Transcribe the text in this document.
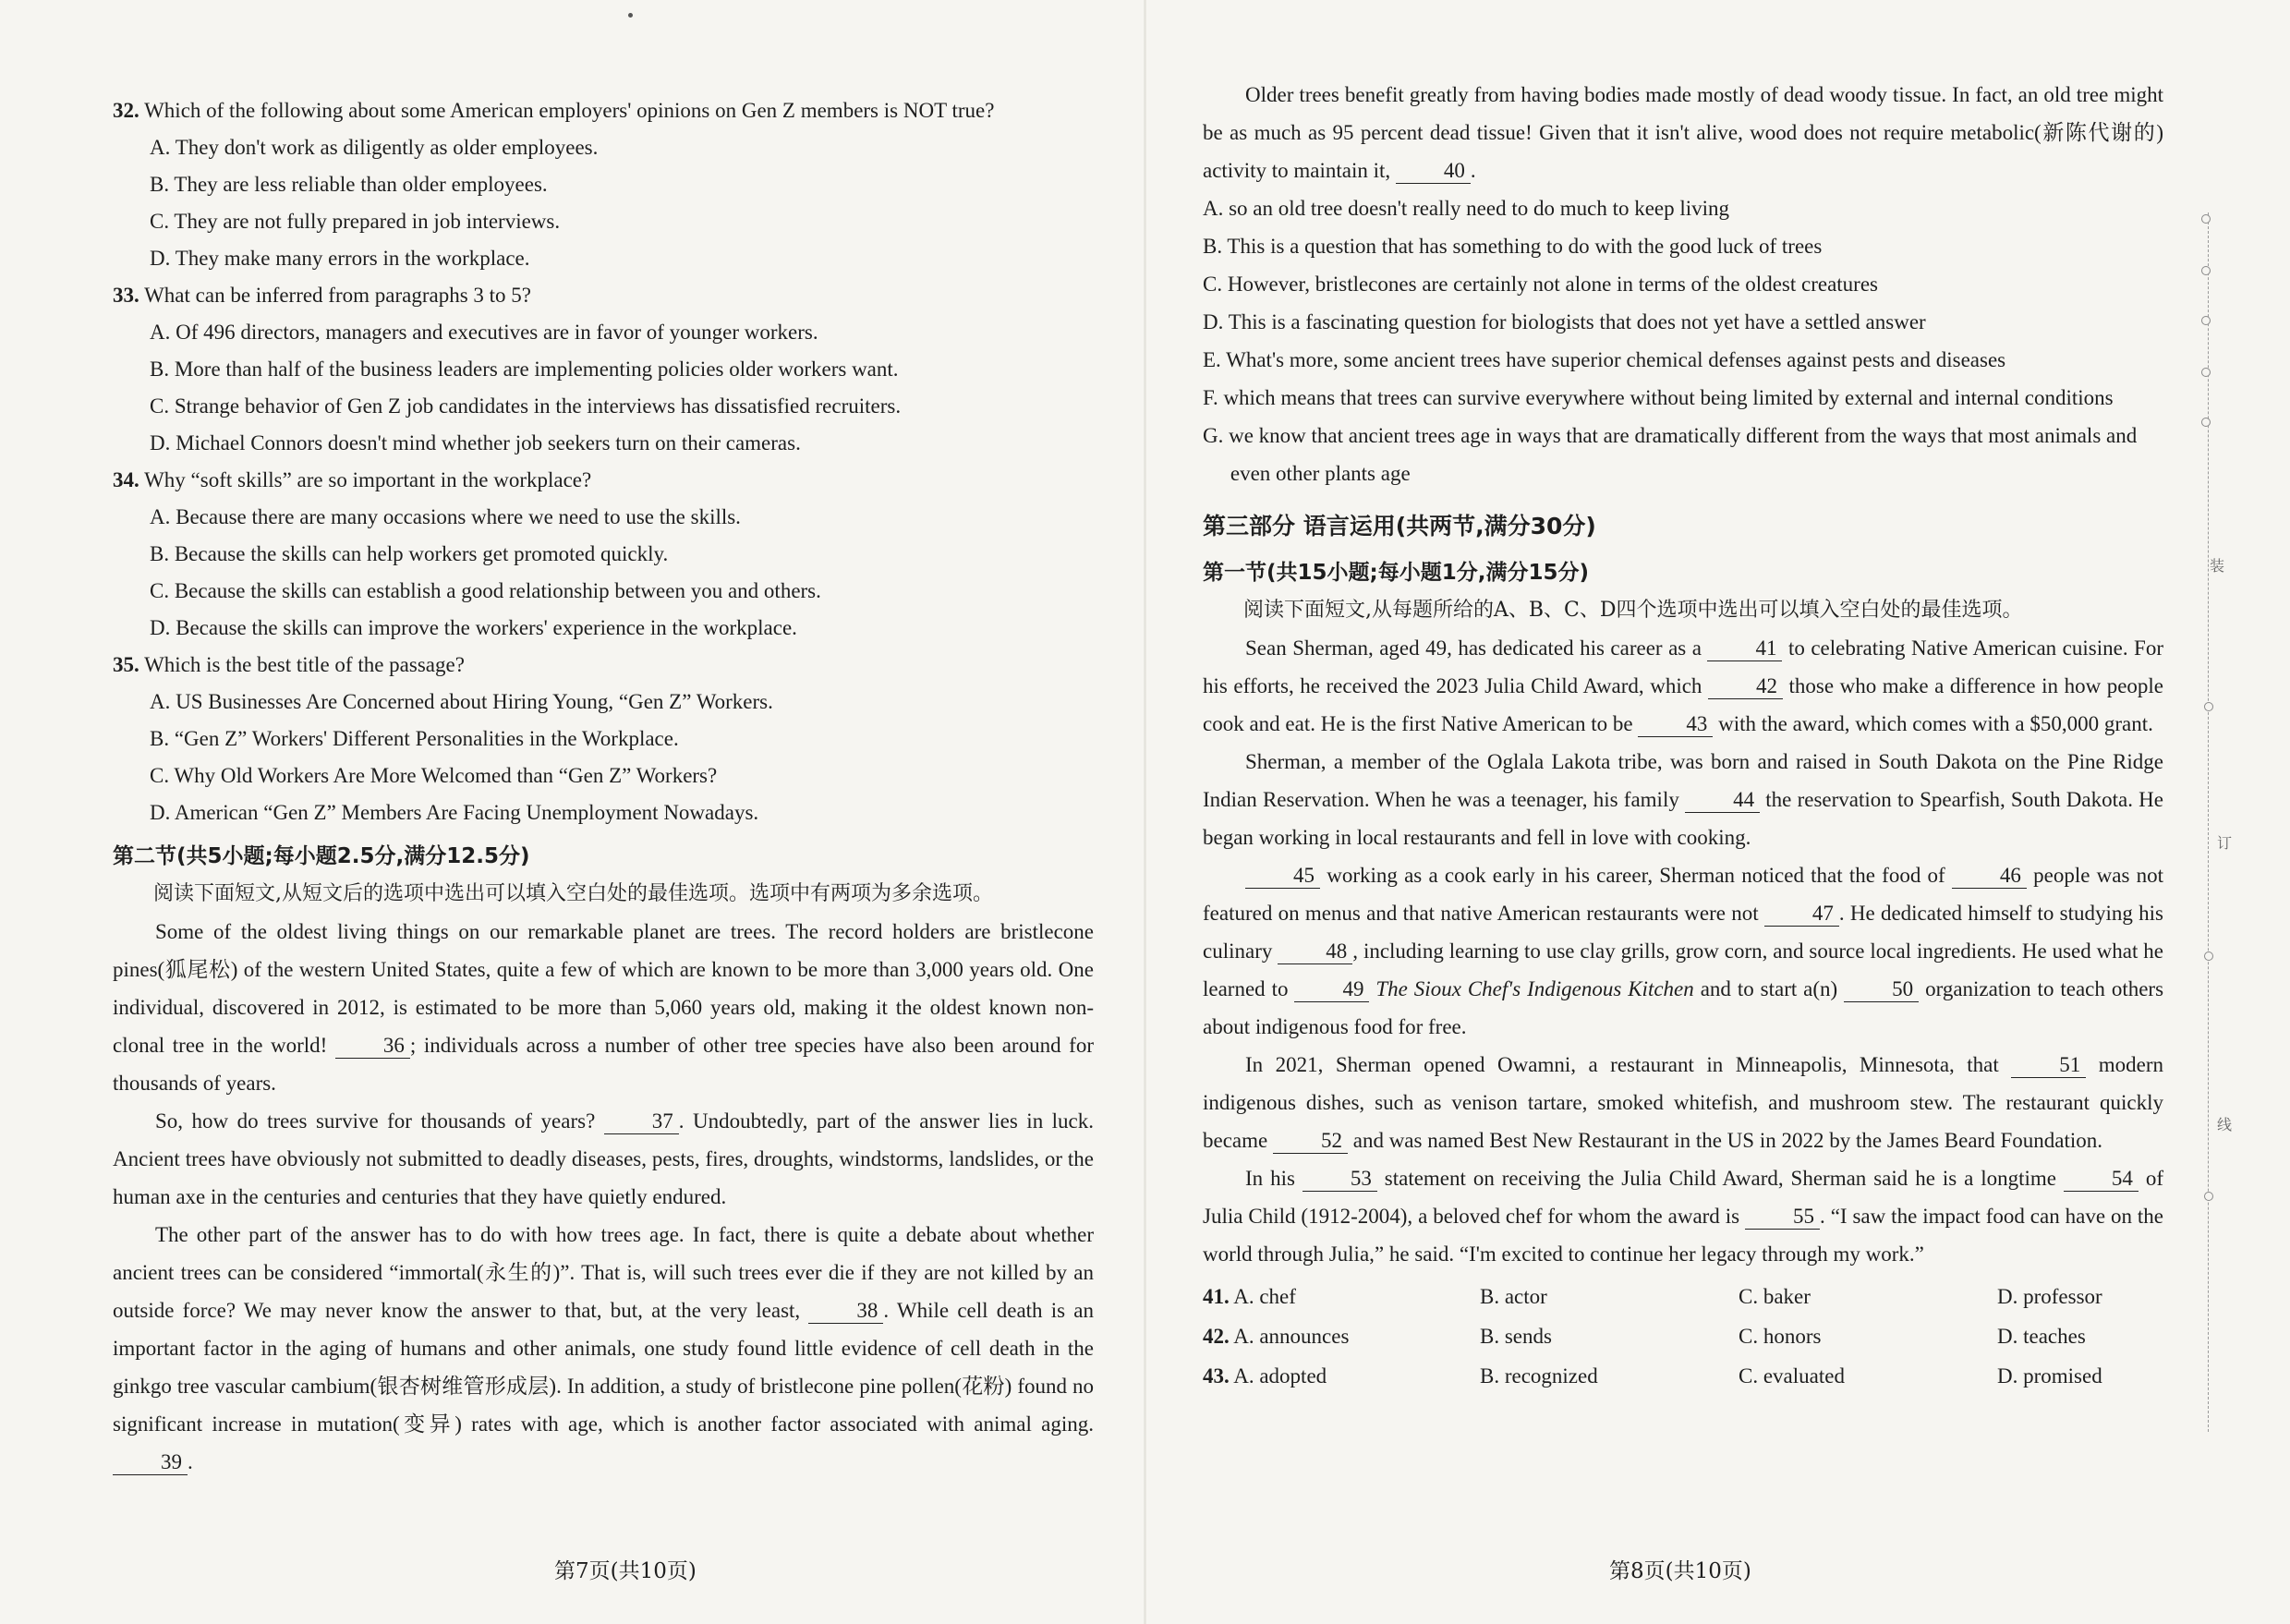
32. Which of the following about some American employers' opinions on Gen Z members is NOT true?

A. They don't work as diligently as older employees.

B. They are less reliable than older employees.

C. They are not fully prepared in job interviews.

D. They make many errors in the workplace.

33. What can be inferred from paragraphs 3 to 5?

A. Of 496 directors, managers and executives are in favor of younger workers.

B. More than half of the business leaders are implementing policies older workers want.

C. Strange behavior of Gen Z job candidates in the interviews has dissatisfied recruiters.

D. Michael Connors doesn't mind whether job seekers turn on their cameras.

34. Why “soft skills” are so important in the workplace?

A. Because there are many occasions where we need to use the skills.

B. Because the skills can help workers get promoted quickly.

C. Because the skills can establish a good relationship between you and others.

D. Because the skills can improve the workers' experience in the workplace.

35. Which is the best title of the passage?

A. US Businesses Are Concerned about Hiring Young, “Gen Z” Workers.

B. “Gen Z” Workers' Different Personalities in the Workplace.

C. Why Old Workers Are More Welcomed than “Gen Z” Workers?

D. American “Gen Z” Members Are Facing Unemployment Nowadays.

第二节(共5小题;每小题2.5分,满分12.5分)

阅读下面短文,从短文后的选项中选出可以填入空白处的最佳选项。选项中有两项为多余选项。

Some of the oldest living things on our remarkable planet are trees. The record holders are bristlecone pines(狐尾松) of the western United States, quite a few of which are known to be more than 3,000 years old. One individual, discovered in 2012, is estimated to be more than 5,060 years old, making it the oldest known non-clonal tree in the world!	36 ; individuals across a number of other tree species have also been around for thousands of years.

So, how do trees survive for thousands of years?	37 . Undoubtedly, part of the answer lies in luck. Ancient trees have obviously not submitted to deadly diseases, pests, fires, droughts, windstorms, landslides, or the human axe in the centuries and centuries that they have quietly endured.

The other part of the answer has to do with how trees age. In fact, there is quite a debate about whether ancient trees can be considered “immortal(永生的)”. That is, will such trees ever die if they are not killed by an outside force? We may never know the answer to that, but, at the very least,	38 . While cell death is an important factor in the aging of humans and other animals, one study found little evidence of cell death in the ginkgo tree vascular cambium(银杏树维管形成层). In addition, a study of bristlecone pine pollen(花粉) found no significant increase in mutation(变异) rates with age, which is another factor associated with animal aging. 39 .

第7页(共10页)

Older trees benefit greatly from having bodies made mostly of dead woody tissue. In fact, an old tree might be as much as 95 percent dead tissue! Given that it isn't alive, wood does not require metabolic(新陈代谢的) activity to maintain it,	40 .

A. so an old tree doesn't really need to do much to keep living

B. This is a question that has something to do with the good luck of trees

C. However, bristlecones are certainly not alone in terms of the oldest creatures

D. This is a fascinating question for biologists that does not yet have a settled answer

E. What's more, some ancient trees have superior chemical defenses against pests and diseases

F. which means that trees can survive everywhere without being limited by external and internal conditions

G. we know that ancient trees age in ways that are dramatically different from the ways that most animals and even other plants age

第三部分 语言运用(共两节,满分30分)

第一节(共15小题;每小题1分,满分15分)

阅读下面短文,从每题所给的A、B、C、D四个选项中选出可以填入空白处的最佳选项。

Sean Sherman, aged 49, has dedicated his career as a	41 to celebrating Native American cuisine. For his efforts, he received the 2023 Julia Child Award, which	42 those who make a difference in how people cook and eat. He is the first Native American to be	43 with the award, which comes with a $50,000 grant.

Sherman, a member of the Oglala Lakota tribe, was born and raised in South Dakota on the Pine Ridge Indian Reservation. When he was a teenager, his family	44 the reservation to Spearfish, South Dakota. He began working in local restaurants and fell in love with cooking.

45 working as a cook early in his career, Sherman noticed that the food of	46 people was not featured on menus and that native American restaurants were not	47 . He dedicated himself to studying his culinary	48 , including learning to use clay grills, grow corn, and source local ingredients. He used what he learned to	49 The Sioux Chef's Indigenous Kitchen and to start a(n)	50 organization to teach others about indigenous food for free.

In 2021, Sherman opened Owamni, a restaurant in Minneapolis, Minnesota, that	51 modern indigenous dishes, such as venison tartare, smoked whitefish, and mushroom stew. The restaurant quickly became	52 and was named Best New Restaurant in the US in 2022 by the James Beard Foundation.

In his	53 statement on receiving the Julia Child Award, Sherman said he is a longtime	54 of Julia Child (1912-2004), a beloved chef for whom the award is	55 . “I saw the impact food can have on the world through Julia,” he said. “I'm excited to continue her legacy through my work.”

41. A. chef	B. actor	C. baker	D. professor
42. A. announces	B. sends	C. honors	D. teaches
43. A. adopted	B. recognized	C. evaluated	D. promised
第8页(共10页)
装
订
线
